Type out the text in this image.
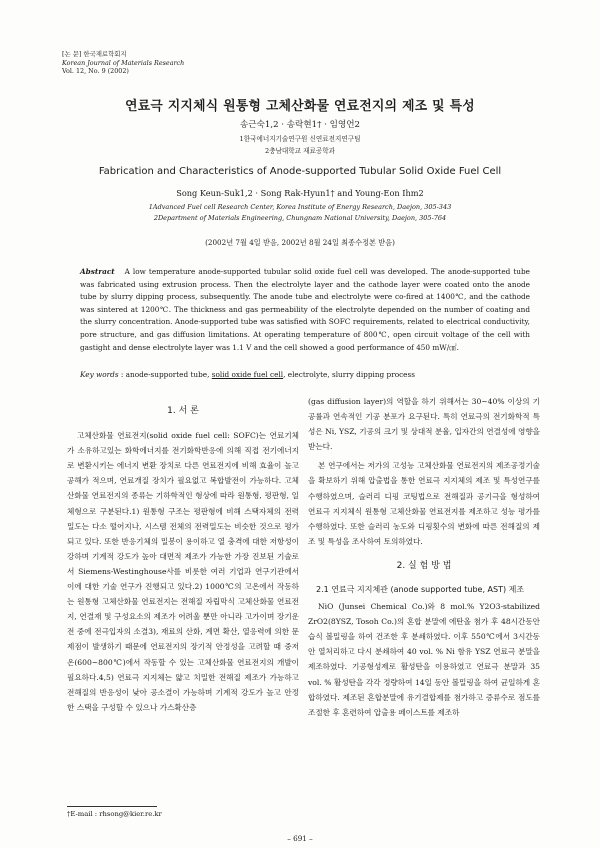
[논 문] 한국재료학회지
Korean Journal of Materials Research
Vol. 12, No. 9 (2002)
연료극 지지체식 원통형 고체산화물 연료전지의 제조 및 특성
송근숙1,2 · 송락현1† · 임영언2
1한국에너지기술연구원 신연료전지연구팀
2충남대학교 재료공학과
Fabrication and Characteristics of Anode-supported Tubular Solid Oxide Fuel Cell
Song Keun-Suk1,2 · Song Rak-Hyun1† and Young-Eon Ihm2
1Advanced Fuel cell Research Center, Korea Institute of Energy Research, Daejon, 305-343
2Department of Materials Engineering, Chungnam National University, Daejon, 305-764
(2002년 7월 4일 받음, 2002년 8월 24일 최종수정본 받음)
Abstract A low temperature anode-supported tubular solid oxide fuel cell was developed. The anode-supported tube was fabricated using extrusion process. Then the electrolyte layer and the cathode layer were coated onto the anode tube by slurry dipping process, subsequently. The anode tube and electrolyte were co-fired at 1400℃, and the cathode was sintered at 1200℃. The thickness and gas permeability of the electrolyte depended on the number of coating and the slurry concentration. Anode-supported tube was satisfied with SOFC requirements, related to electrical conductivity, pore structure, and gas diffusion limitations. At operating temperature of 800℃, open circuit voltage of the cell with gastight and dense electrolyte layer was 1.1 V and the cell showed a good performance of 450 mW/㎠.
Key words : anode-supported tube, solid oxide fuel cell, electrolyte, slurry dipping process
1. 서 론
고체산화물 연료전지(solid oxide fuel cell: SOFC)는 연료기체가 소유하고있는 화학에너지를 전기화학반응에 의해 직접 전기에너지로 변환시키는 에너지 변환 장치로 다른 연료전지에 비해 효율이 높고 공해가 적으며, 연료개질 장치가 필요없고 복합발전이 가능하다. 고체산화물 연료전지의 종류는 기하학적인 형상에 따라 원통형, 평판형, 일체형으로 구분된다.1) 원통형 구조는 평판형에 비해 스택자체의 전력밀도는 다소 떨어지나, 시스템 전체의 전력밀도는 비슷한 것으로 평가되고 있다. 또한 반응기체의 밀봉이 용이하고 열 충격에 대한 저항성이 강하며 기계적 강도가 높아 대면적 제조가 가능한 가장 진보된 기술로서 Siemens-Westinghouse사를 비롯한 여러 기업과 연구기관에서 이에 대한 기술 연구가 진행되고 있다.2) 1000℃의 고온에서 작동하는 원통형 고체산화물 연료전지는 전해질 자립막식 고체산화물 연료전지, 연결재 및 구성요소의 제조가 어려울 뿐만 아니라 고가이며 장기운전 중에 전극입자의 소결3), 재료의 산화, 계면 확산, 열응력에 의한 문제점이 발생하기 때문에 연료전지의 장기적 안정성을 고려할 때 중저온(600~800℃)에서 작동할 수 있는 고체산화물 연료전지의 개발이 필요하다.4,5) 연료극 지지체는 얇고 치밀한 전해질 제조가 가능하고 전해질의 반응성이 낮아 공소결이 가능하며 기계적 강도가 높고 안정한 스택을 구성할 수 있으나 가스확산층
(gas diffusion layer)의 역할을 하기 위해서는 30~40% 이상의 기공률과 연속적인 기공 분포가 요구된다. 특히 연료극의 전기화학적 특성은 Ni, YSZ, 기공의 크기 및 상대적 분율, 입자간의 연결성에 영향을 받는다.
본 연구에서는 저가의 고성능 고체산화물 연료전지의 제조공정기술을 확보하기 위해 압출법을 통한 연료극 지지체의 제조 및 특성연구를 수행하였으며, 슬러리 디핑 코팅법으로 전해질과 공기극을 형성하여 연료극 지지체식 원통형 고체산화물 연료전지를 제조하고 성능 평가를 수행하였다. 또한 슬러리 농도와 디핑횟수의 변화에 따른 전해질의 제조 및 특성을 조사하여 토의하였다.
2. 실 험 방 법
2.1 연료극 지지체관 (anode supported tube, AST) 제조
NiO (Junsei Chemical Co.)와 8 mol.% Y2O3-stabilized ZrO2(8YSZ, Tosoh Co.)의 혼합 분말에 에탄올 첨가 후 48시간동안 습식 볼밀링을 하여 건조한 후 분쇄하였다. 이후 550℃에서 3시간동안 열처리하고 다시 분쇄하여 40 vol. % Ni 함유 YSZ 연료극 분말을 제조하였다. 기공형성제로 활성탄을 이용하였고 연료극 분말과 35 vol. % 활성탄을 각각 정량하여 14일 동안 볼밀링을 하여 균일하게 혼합하였다. 제조된 혼합분말에 유기결합제를 첨가하고 증류수로 점도를 조절한 후 혼련하여 압출용 페이스트를 제조하
†E-mail : rhsong@kier.re.kr
– 691 –
